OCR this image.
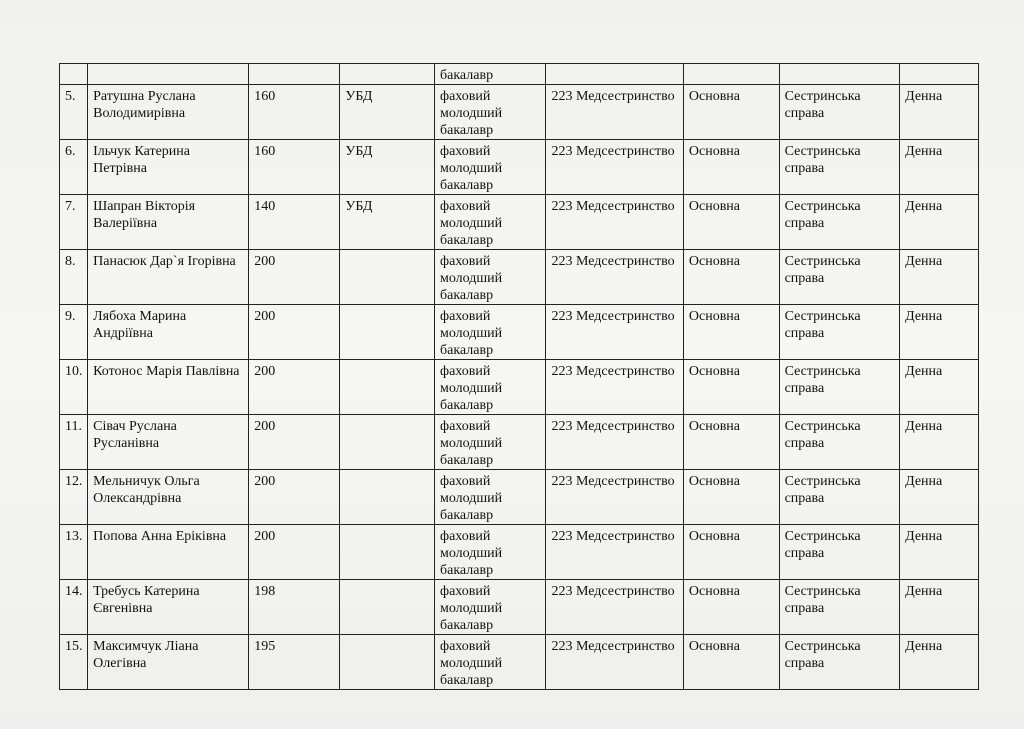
				бакалавр				
5.	Ратушна Руслана Володимирівна	160	УБД	фаховий молодший бакалавр	223 Медсестринство	Основна	Сестринська справа	Денна
6.	Ільчук Катерина Петрівна	160	УБД	фаховий молодший бакалавр	223 Медсестринство	Основна	Сестринська справа	Денна
7.	Шапран Вікторія Валеріївна	140	УБД	фаховий молодший бакалавр	223 Медсестринство	Основна	Сестринська справа	Денна
8.	Панасюк Дар`я Ігорівна	200		фаховий молодший бакалавр	223 Медсестринство	Основна	Сестринська справа	Денна
9.	Лябоха Марина Андріївна	200		фаховий молодший бакалавр	223 Медсестринство	Основна	Сестринська справа	Денна
10.	Котонос Марія Павлівна	200		фаховий молодший бакалавр	223 Медсестринство	Основна	Сестринська справа	Денна
11.	Сівач Руслана Русланівна	200		фаховий молодший бакалавр	223 Медсестринство	Основна	Сестринська справа	Денна
12.	Мельничук Ольга Олександрівна	200		фаховий молодший бакалавр	223 Медсестринство	Основна	Сестринська справа	Денна
13.	Попова Анна Еріківна	200		фаховий молодший бакалавр	223 Медсестринство	Основна	Сестринська справа	Денна
14.	Требусь Катерина Євгенівна	198		фаховий молодший бакалавр	223 Медсестринство	Основна	Сестринська справа	Денна
15.	Максимчук Ліана Олегівна	195		фаховий молодший бакалавр	223 Медсестринство	Основна	Сестринська справа	Денна
